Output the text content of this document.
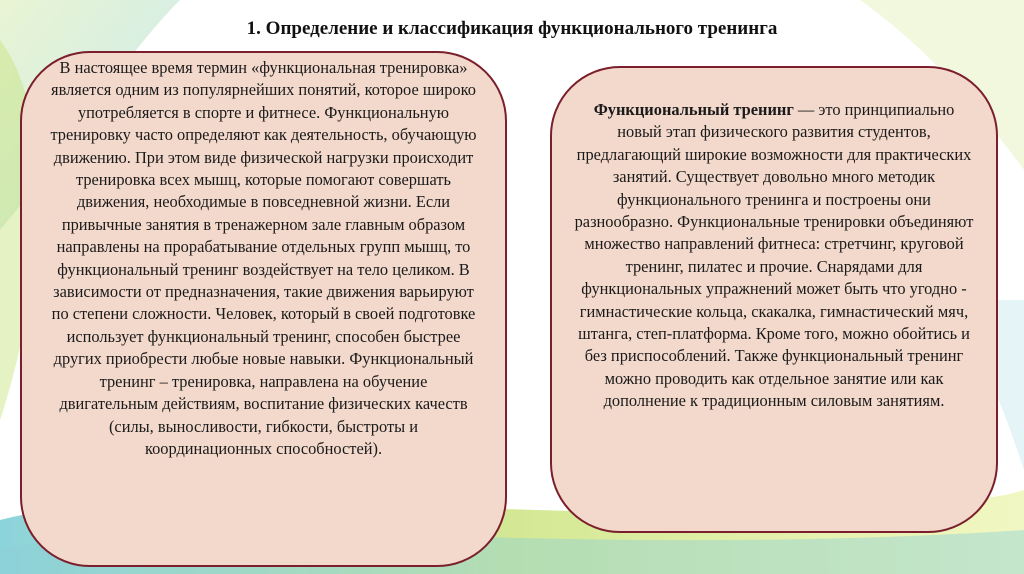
1. Определение и классификация функционального тренинга

В настоящее время термин «функциональная тренировка» является одним из популярнейших понятий, которое широко употребляется в спорте и фитнесе. Функциональную тренировку часто определяют как деятельность, обучающую движению. При этом виде физической нагрузки происходит тренировка всех мышц, которые помогают совершать движения, необходимые в повседневной жизни. Если привычные занятия в тренажерном зале главным образом направлены на прорабатывание отдельных групп мышц, то функциональный тренинг воздействует на тело целиком. В зависимости от предназначения, такие движения варьируют по степени сложности. Человек, который в своей подготовке использует функциональный тренинг, способен быстрее других приобрести любые новые навыки. Функциональный тренинг – тренировка, направлена на обучение двигательным действиям, воспитание физических качеств (силы, выносливости, гибкости, быстроты и координационных способностей).

Функциональный тренинг — это принципиально новый этап физического развития студентов, предлагающий широкие возможности для практических занятий. Существует довольно много методик функционального тренинга и построены они разнообразно. Функциональные тренировки объединяют множество направлений фитнеса: стретчинг, круговой тренинг, пилатес и прочие. Снарядами для функциональных упражнений может быть что угодно - гимнастические кольца, скакалка, гимнастический мяч, штанга, степ-платформа. Кроме того, можно обойтись и без приспособлений. Также функциональный тренинг можно проводить как отдельное занятие или как дополнение к традиционным силовым занятиям.
